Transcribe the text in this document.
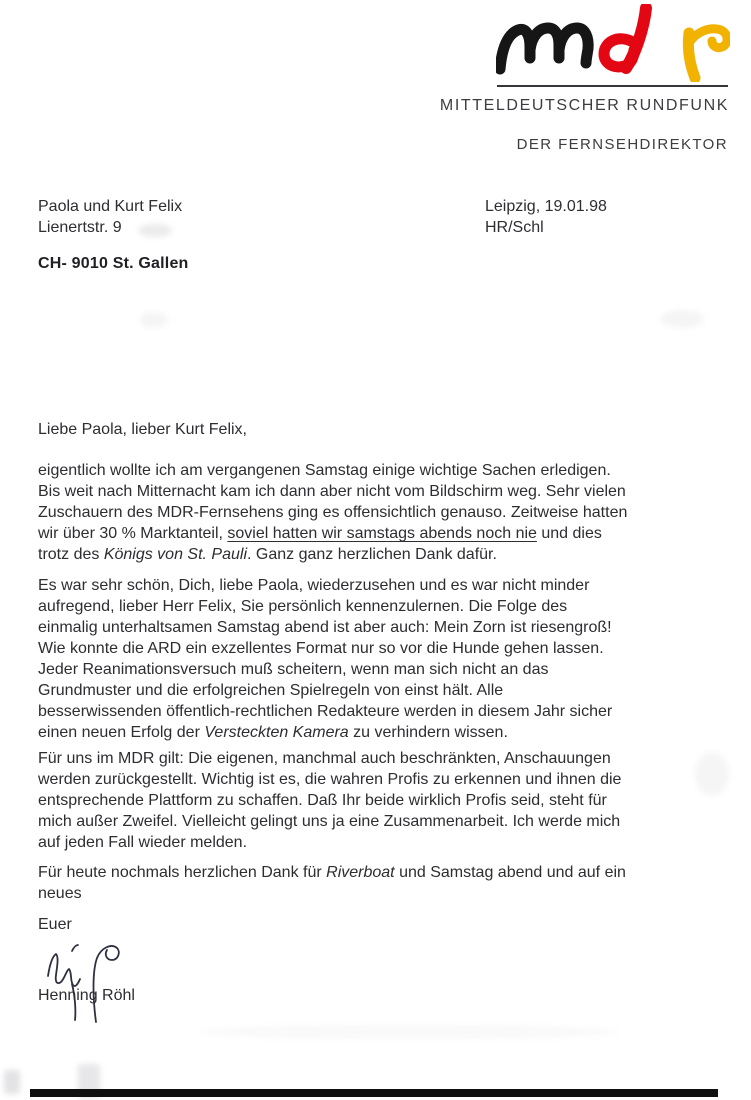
MITTELDEUTSCHER RUNDFUNK
DER FERNSEHDIREKTOR
Paola und Kurt Felix
Lienertstr. 9
CH- 9010 St. Gallen
Leipzig, 19.01.98
HR/Schl
Liebe Paola, lieber Kurt Felix,
eigentlich wollte ich am vergangenen Samstag einige wichtige Sachen erledigen.
Bis weit nach Mitternacht kam ich dann aber nicht vom Bildschirm weg. Sehr vielen
Zuschauern des MDR-Fernsehens ging es offensichtlich genauso. Zeitweise hatten
wir über 30 % Marktanteil, soviel hatten wir samstags abends noch nie und dies
trotz des Königs von St. Pauli. Ganz ganz herzlichen Dank dafür.
Es war sehr schön, Dich, liebe Paola, wiederzusehen und es war nicht minder
aufregend, lieber Herr Felix, Sie persönlich kennenzulernen. Die Folge des
einmalig unterhaltsamen Samstag abend ist aber auch: Mein Zorn ist riesengroß!
Wie konnte die ARD ein exzellentes Format nur so vor die Hunde gehen lassen.
Jeder Reanimationsversuch muß scheitern, wenn man sich nicht an das
Grundmuster und die erfolgreichen Spielregeln von einst hält. Alle
besserwissenden öffentlich-rechtlichen Redakteure werden in diesem Jahr sicher
einen neuen Erfolg der Versteckten Kamera zu verhindern wissen.
Für uns im MDR gilt: Die eigenen, manchmal auch beschränkten, Anschauungen
werden zurückgestellt. Wichtig ist es, die wahren Profis zu erkennen und ihnen die
entsprechende Plattform zu schaffen. Daß Ihr beide wirklich Profis seid, steht für
mich außer Zweifel. Vielleicht gelingt uns ja eine Zusammenarbeit. Ich werde mich
auf jeden Fall wieder melden.
Für heute nochmals herzlichen Dank für Riverboat und Samstag abend und auf ein
neues
Euer
Henning Röhl
